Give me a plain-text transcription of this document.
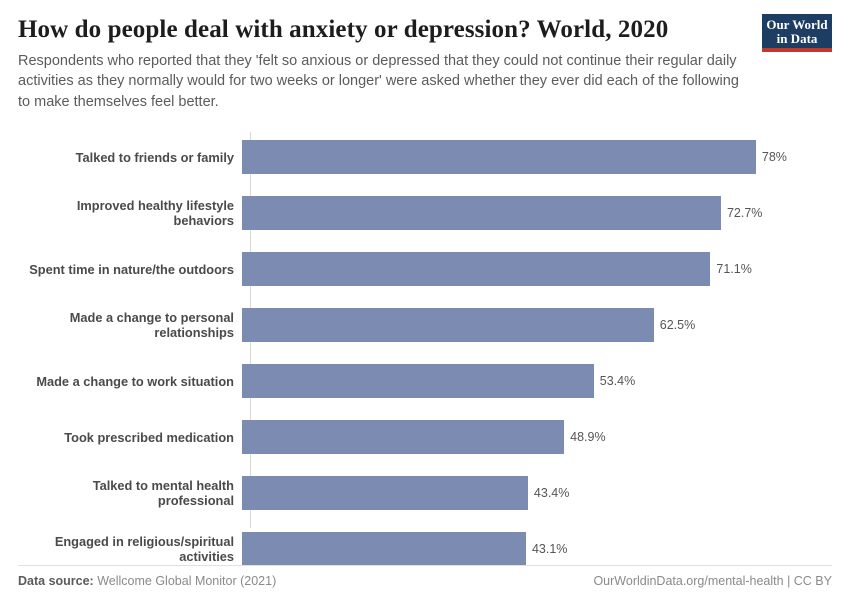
How do people deal with anxiety or depression? World, 2020

Respondents who reported that they 'felt so anxious or depressed that they could not continue their regular daily activities as they normally would for two weeks or longer' were asked whether they ever did each of the following to make themselves feel better.

Our World
in Data
Talked to friends or family	78%
Improved healthy lifestyle behaviors	72.7%
Spent time in nature/the outdoors	71.1%
Made a change to personal relationships	62.5%
Made a change to work situation	53.4%
Took prescribed medication	48.9%
Talked to mental health professional	43.4%
Engaged in religious/spiritual activities	43.1%
Data source: Wellcome Global Monitor (2021)	OurWorldinData.org/mental-health | CC BY
